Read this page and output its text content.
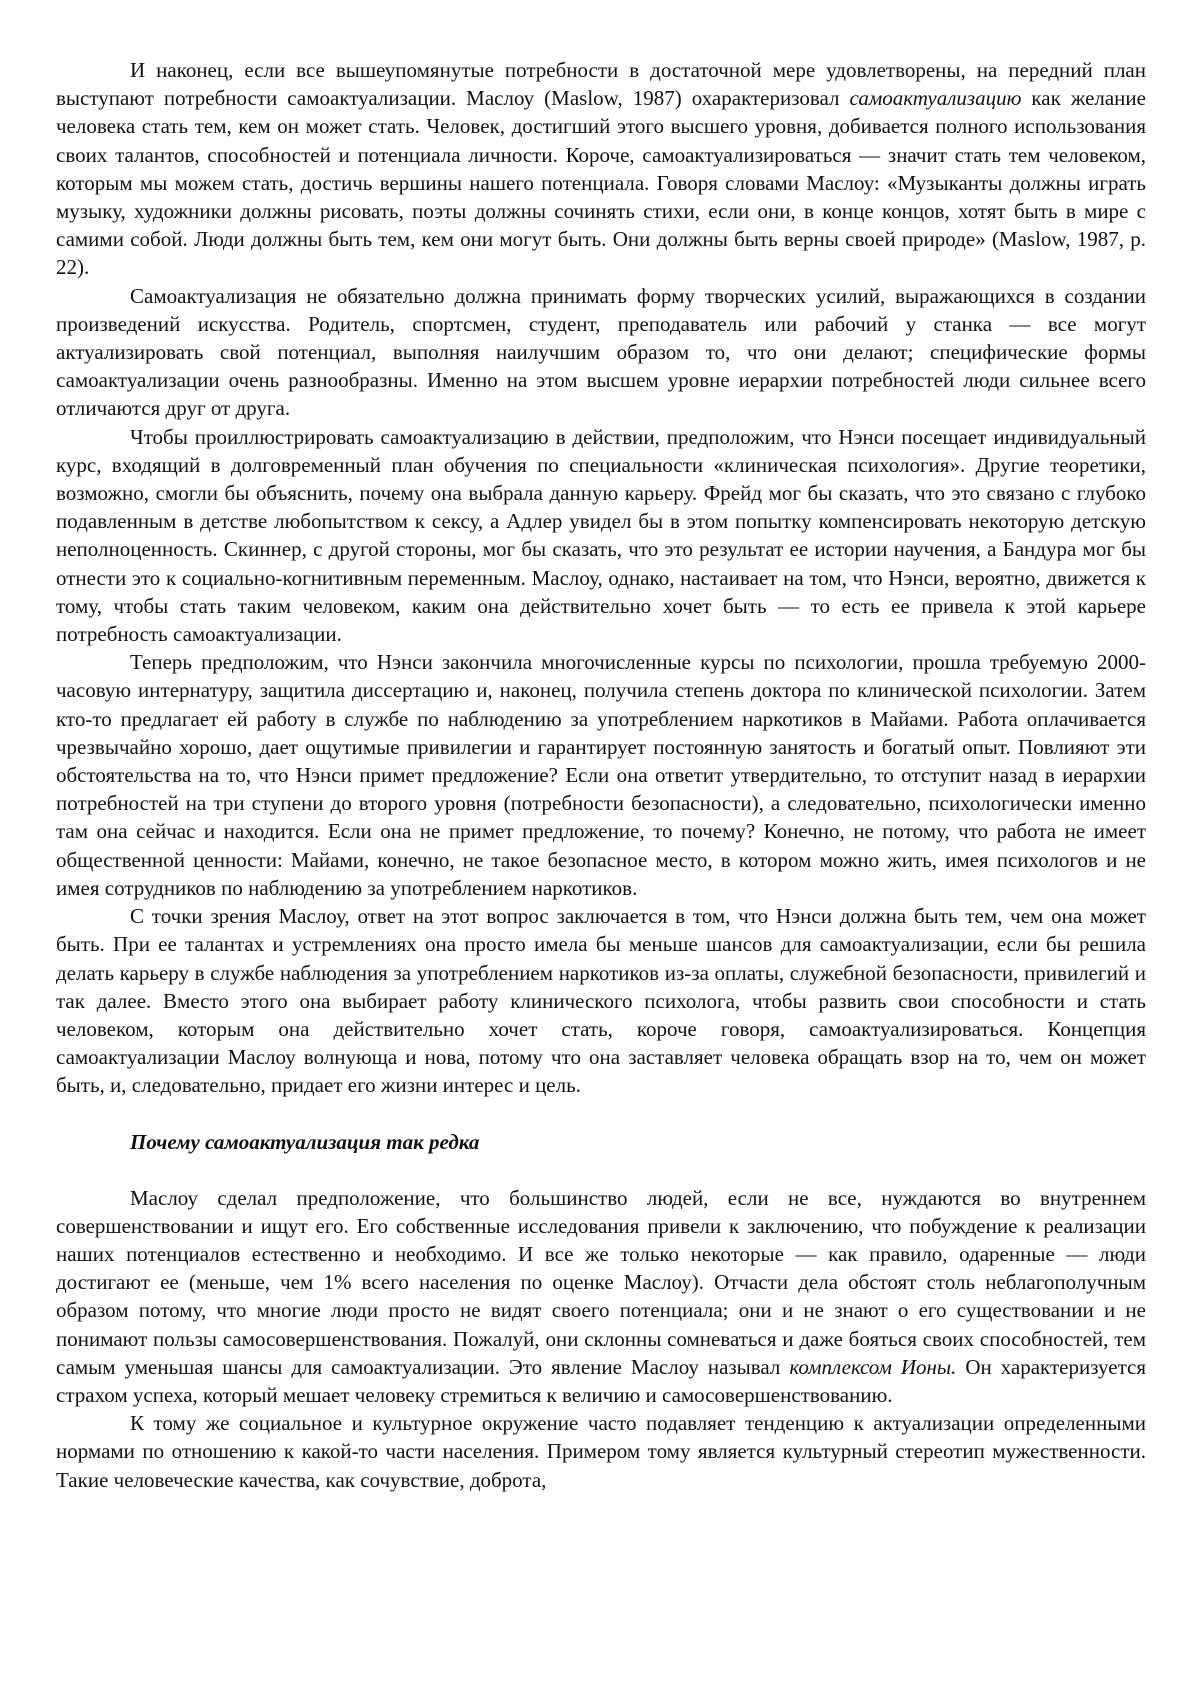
И наконец, если все вышеупомянутые потребности в достаточной мере удовлетворены, на передний план выступают потребности самоактуализации. Маслоу (Maslow, 1987) охарактеризовал самоактуализацию как желание человека стать тем, кем он может стать. Человек, достигший этого высшего уровня, добивается полного использования своих талантов, способностей и потенциала личности. Короче, самоактуализироваться — значит стать тем человеком, которым мы можем стать, достичь вершины нашего потенциала. Говоря словами Маслоу: «Музыканты должны играть музыку, художники должны рисовать, поэты должны сочинять стихи, если они, в конце концов, хотят быть в мире с самими собой. Люди должны быть тем, кем они могут быть. Они должны быть верны своей природе» (Maslow, 1987, p. 22).

Самоактуализация не обязательно должна принимать форму творческих усилий, выражающихся в создании произведений искусства. Родитель, спортсмен, студент, преподаватель или рабочий у станка — все могут актуализировать свой потенциал, выполняя наилучшим образом то, что они делают; специфические формы самоактуализации очень разнообразны. Именно на этом высшем уровне иерархии потребностей люди сильнее всего отличаются друг от друга.

Чтобы проиллюстрировать самоактуализацию в действии, предположим, что Нэнси посещает индивидуальный курс, входящий в долговременный план обучения по специальности «клиническая психология». Другие теоретики, возможно, смогли бы объяснить, почему она выбрала данную карьеру. Фрейд мог бы сказать, что это связано с глубоко подавленным в детстве любопытством к сексу, а Адлер увидел бы в этом попытку компенсировать некоторую детскую неполноценность. Скиннер, с другой стороны, мог бы сказать, что это результат ее истории научения, а Бандура мог бы отнести это к социально-когнитивным переменным. Маслоу, однако, настаивает на том, что Нэнси, вероятно, движется к тому, чтобы стать таким человеком, каким она действительно хочет быть — то есть ее привела к этой карьере потребность самоактуализации.

Теперь предположим, что Нэнси закончила многочисленные курсы по психологии, прошла требуемую 2000-часовую интернатуру, защитила диссертацию и, наконец, получила степень доктора по клинической психологии. Затем кто-то предлагает ей работу в службе по наблюдению за употреблением наркотиков в Майами. Работа оплачивается чрезвычайно хорошо, дает ощутимые привилегии и гарантирует постоянную занятость и богатый опыт. Повлияют эти обстоятельства на то, что Нэнси примет предложение? Если она ответит утвердительно, то отступит назад в иерархии потребностей на три ступени до второго уровня (потребности безопасности), а следовательно, психологически именно там она сейчас и находится. Если она не примет предложение, то почему? Конечно, не потому, что работа не имеет общественной ценности: Майами, конечно, не такое безопасное место, в котором можно жить, имея психологов и не имея сотрудников по наблюдению за употреблением наркотиков.

С точки зрения Маслоу, ответ на этот вопрос заключается в том, что Нэнси должна быть тем, чем она может быть. При ее талантах и устремлениях она просто имела бы меньше шансов для самоактуализации, если бы решила делать карьеру в службе наблюдения за употреблением наркотиков из-за оплаты, служебной безопасности, привилегий и так далее. Вместо этого она выбирает работу клинического психолога, чтобы развить свои способности и стать человеком, которым она действительно хочет стать, короче говоря, самоактуализироваться. Концепция самоактуализации Маслоу волнующа и нова, потому что она заставляет человека обращать взор на то, чем он может быть, и, следовательно, придает его жизни интерес и цель.

Почему самоактуализация так редка

Маслоу сделал предположение, что большинство людей, если не все, нуждаются во внутреннем совершенствовании и ищут его. Его собственные исследования привели к заключению, что побуждение к реализации наших потенциалов естественно и необходимо. И все же только некоторые — как правило, одаренные — люди достигают ее (меньше, чем 1% всего населения по оценке Маслоу). Отчасти дела обстоят столь неблагополучным образом потому, что многие люди просто не видят своего потенциала; они и не знают о его существовании и не понимают пользы самосовершенствования. Пожалуй, они склонны сомневаться и даже бояться своих способностей, тем самым уменьшая шансы для самоактуализации. Это явление Маслоу называл комплексом Ионы. Он характеризуется страхом успеха, который мешает человеку стремиться к величию и самосовершенствованию.

К тому же социальное и культурное окружение часто подавляет тенденцию к актуализации определенными нормами по отношению к какой-то части населения. Примером тому является культурный стереотип мужественности. Такие человеческие качества, как сочувствие, доброта,
